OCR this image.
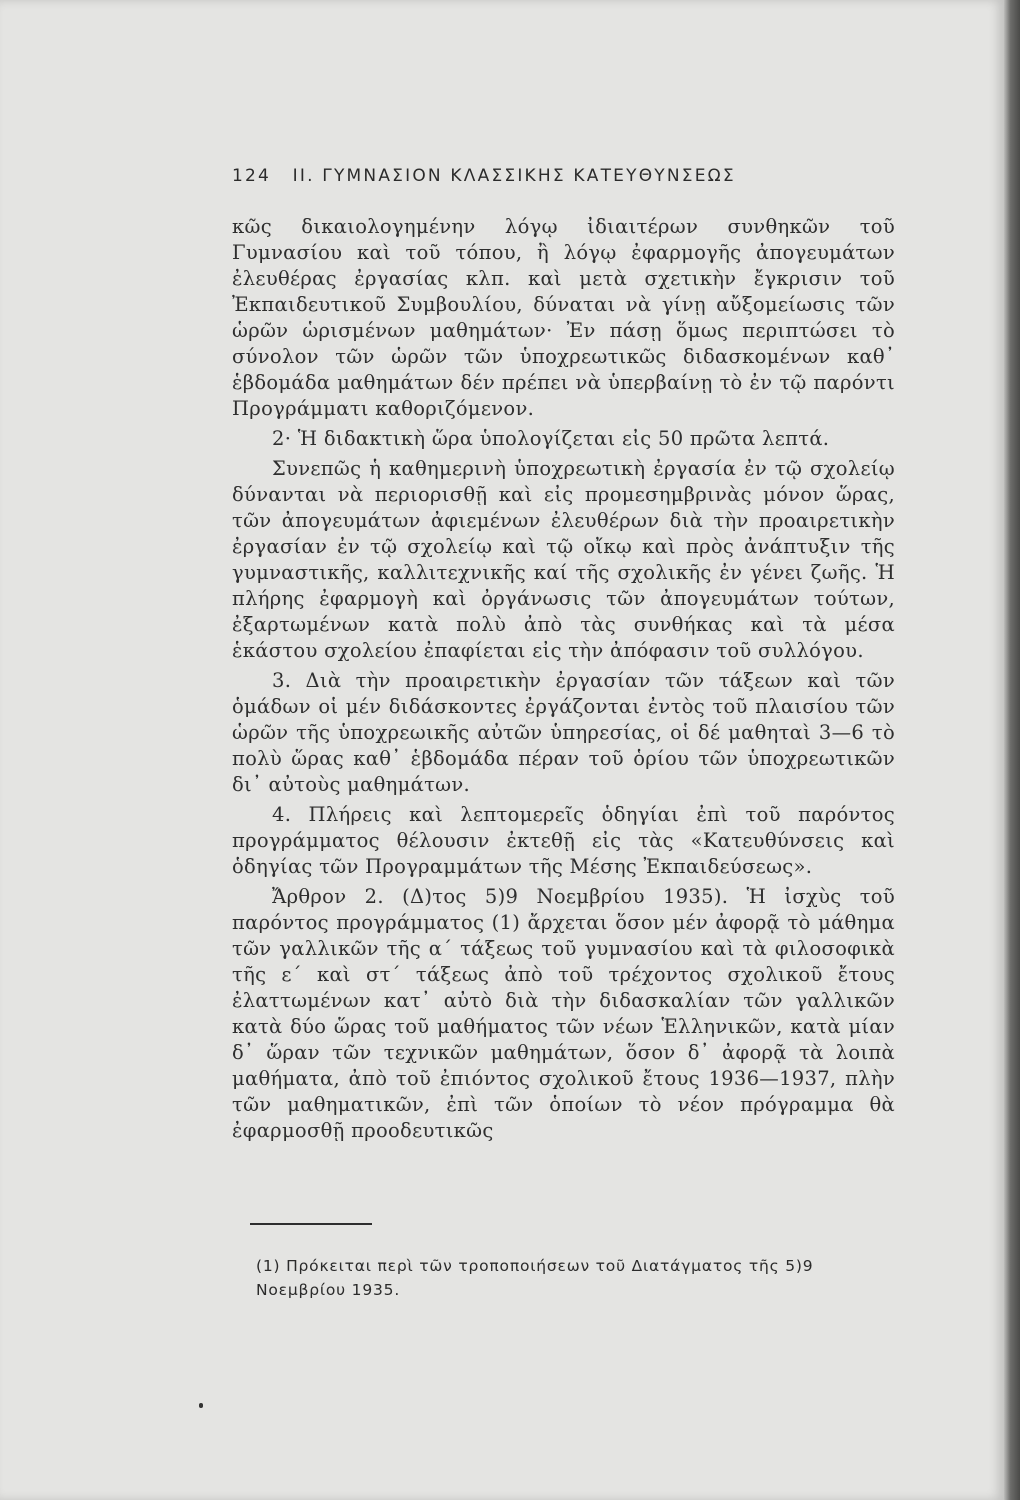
124 II. ΓΥΜΝΑΣΙΟΝ ΚΛΑΣΣΙΚΗΣ ΚΑΤΕΥΘΥΝΣΕΩΣ

κῶς δικαιολογημένην λόγῳ ἰδιαιτέρων συνθηκῶν τοῦ Γυμνασίου καὶ τοῦ τόπου, ἢ λόγῳ ἐφαρμογῆς ἀπογευμάτων ἐλευθέρας ἐργασίας κλπ. καὶ μετὰ σχετικὴν ἔγκρισιν τοῦ Ἐκπαιδευτικοῦ Συμβουλίου, δύναται νὰ γίνῃ αὔξομείωσις τῶν ὡρῶν ὡρισμένων μαθημάτων· Ἐν πάσῃ ὅμως περιπτώσει τὸ σύνολον τῶν ὡρῶν τῶν ὑποχρεωτικῶς διδασκομένων καθ᾽ ἑβδομάδα μαθημάτων δέν πρέπει νὰ ὑπερβαίνῃ τὸ ἐν τῷ παρόντι Προγράμματι καθοριζόμενον.

2· Ἡ διδακτικὴ ὥρα ὑπολογίζεται εἰς 50 πρῶτα λεπτά.

Συνεπῶς ἡ καθημερινὴ ὑποχρεωτικὴ ἐργασία ἐν τῷ σχολείῳ δύνανται νὰ περιορισθῇ καὶ εἰς προμεσημβρινὰς μόνον ὥρας, τῶν ἀπογευμάτων ἀφιεμένων ἐλευθέρων διὰ τὴν προαιρετικὴν ἐργασίαν ἐν τῷ σχολείῳ καὶ τῷ οἴκῳ καὶ πρὸς ἀνάπτυξιν τῆς γυμναστικῆς, καλλιτεχνικῆς καί τῆς σχολικῆς ἐν γένει ζωῆς. Ἡ πλήρης ἐφαρμογὴ καὶ ὀργάνωσις τῶν ἀπογευμάτων τούτων, ἐξαρτωμένων κατὰ πολὺ ἀπὸ τὰς συνθήκας καὶ τὰ μέσα ἑκάστου σχολείου ἐπαφίεται εἰς τὴν ἀπόφασιν τοῦ συλλόγου.

3. Διὰ τὴν προαιρετικὴν ἐργασίαν τῶν τάξεων καὶ τῶν ὁμάδων οἱ μέν διδάσκοντες ἐργάζονται ἐντὸς τοῦ πλαισίου τῶν ὡρῶν τῆς ὑποχρεωικῆς αὐτῶν ὑπηρεσίας, οἱ δέ μαθηταὶ 3—6 τὸ πολὺ ὥρας καθ᾽ ἑβδομάδα πέραν τοῦ ὁρίου τῶν ὑποχρεωτικῶν δι᾽ αὐτοὺς μαθημάτων.

4. Πλήρεις καὶ λεπτομερεῖς ὁδηγίαι ἐπὶ τοῦ παρόντος προγράμματος θέλουσιν ἐκτεθῇ εἰς τὰς «Κατευθύνσεις καὶ ὁδηγίας τῶν Προγραμμάτων τῆς Μέσης Ἐκπαιδεύσεως».

Ἄρθρον 2. (Δ)τος 5)9 Νοεμβρίου 1935). Ἡ ἰσχὺς τοῦ παρόντος προγράμματος (1) ἄρχεται ὅσον μέν ἀφορᾷ τὸ μάθημα τῶν γαλλικῶν τῆς α΄ τάξεως τοῦ γυμνασίου καὶ τὰ φιλοσοφικὰ τῆς ε΄ καὶ στ΄ τάξεως ἀπὸ τοῦ τρέχοντος σχολικοῦ ἔτους ἐλαττωμένων κατ᾽ αὐτὸ διὰ τὴν διδασκαλίαν τῶν γαλλικῶν κατὰ δύο ὥρας τοῦ μαθήματος τῶν νέων Ἑλληνικῶν, κατὰ μίαν δ᾽ ὥραν τῶν τεχνικῶν μαθημάτων, ὅσον δ᾽ ἀφορᾷ τὰ λοιπὰ μαθήματα, ἀπὸ τοῦ ἐπιόντος σχολικοῦ ἔτους 1936—1937, πλὴν τῶν μαθηματικῶν, ἐπὶ τῶν ὁποίων τὸ νέον πρόγραμμα θὰ ἐφαρμοσθῇ προοδευτικῶς

(1) Πρόκειται περὶ τῶν τροποποιήσεων τοῦ Διατάγματος τῆς 5)9 Νοεμβρίου 1935.
